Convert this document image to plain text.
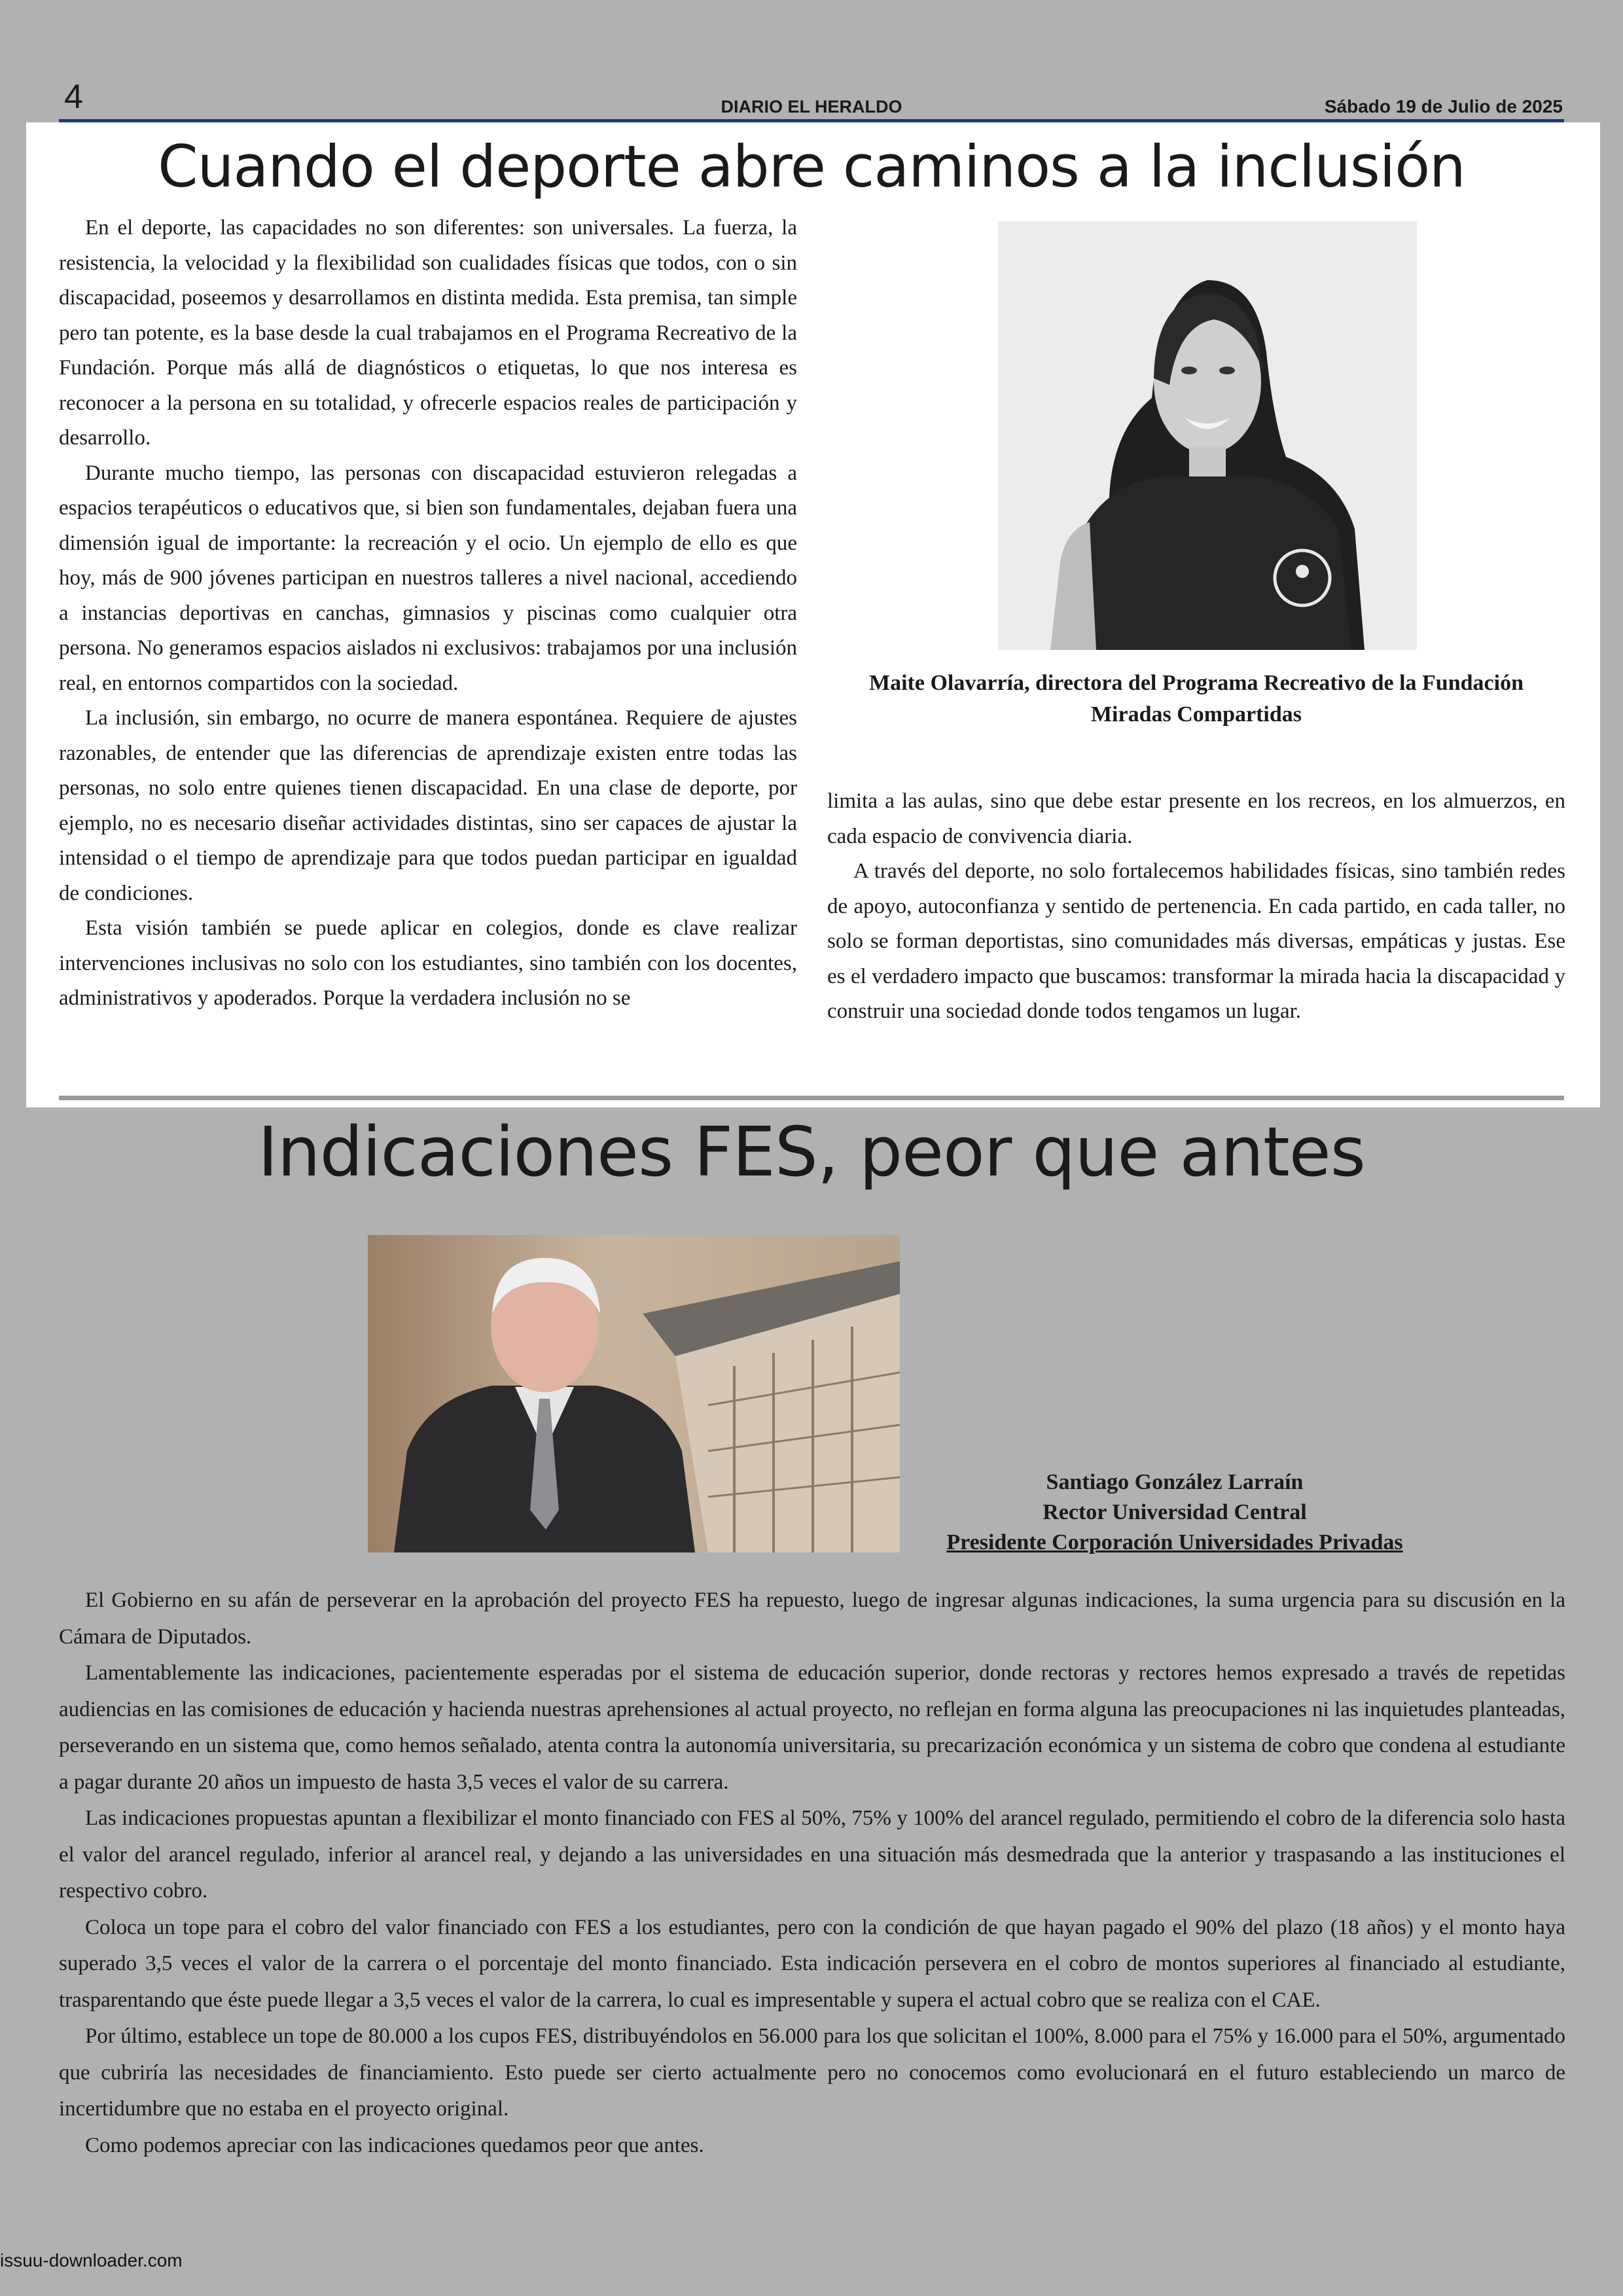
4	DIARIO EL HERALDO	Sábado 19 de Julio de 2025
Cuando el deporte abre caminos a la inclusión

En el deporte, las capacidades no son diferentes: son universales. La fuerza, la resistencia, la velocidad y la flexibilidad son cualidades físicas que todos, con o sin discapacidad, poseemos y desarrollamos en distinta medida. Esta premisa, tan simple pero tan potente, es la base desde la cual trabajamos en el Programa Recreativo de la Fundación. Porque más allá de diagnósticos o etiquetas, lo que nos interesa es reconocer a la persona en su totalidad, y ofrecerle espacios reales de participación y desarrollo.

Durante mucho tiempo, las personas con discapacidad estuvieron relegadas a espacios terapéuticos o educativos que, si bien son fundamentales, dejaban fuera una dimensión igual de importante: la recreación y el ocio. Un ejemplo de ello es que hoy, más de 900 jóvenes participan en nuestros talleres a nivel nacional, accediendo a instancias deportivas en canchas, gimnasios y piscinas como cualquier otra persona. No generamos espacios aislados ni exclusivos: trabajamos por una inclusión real, en entornos compartidos con la sociedad.

La inclusión, sin embargo, no ocurre de manera espontánea. Requiere de ajustes razonables, de entender que las diferencias de aprendizaje existen entre todas las personas, no solo entre quienes tienen discapacidad. En una clase de deporte, por ejemplo, no es necesario diseñar actividades distintas, sino ser capaces de ajustar la intensidad o el tiempo de aprendizaje para que todos puedan participar en igualdad de condiciones.

Esta visión también se puede aplicar en colegios, donde es clave realizar intervenciones inclusivas no solo con los estudiantes, sino también con los docentes, administrativos y apoderados. Porque la verdadera inclusión no se

Maite Olavarría, directora del Programa Recreativo de la Fundación Miradas Compartidas

limita a las aulas, sino que debe estar presente en los recreos, en los almuerzos, en cada espacio de convivencia diaria.

A través del deporte, no solo fortalecemos habilidades físicas, sino también redes de apoyo, autoconfianza y sentido de pertenencia. En cada partido, en cada taller, no solo se forman deportistas, sino comunidades más diversas, empáticas y justas. Ese es el verdadero impacto que buscamos: transformar la mirada hacia la discapacidad y construir una sociedad donde todos tengamos un lugar.

Indicaciones FES, peor que antes
Santiago González Larraín
Rector Universidad Central
Presidente Corporación Universidades Privadas

El Gobierno en su afán de perseverar en la aprobación del proyecto FES ha repuesto, luego de ingresar algunas indicaciones, la suma urgencia para su discusión en la Cámara de Diputados.

Lamentablemente las indicaciones, pacientemente esperadas por el sistema de educación superior, donde rectoras y rectores hemos expresado a través de repetidas audiencias en las comisiones de educación y hacienda nuestras aprehensiones al actual proyecto, no reflejan en forma alguna las preocupaciones ni las inquietudes planteadas, perseverando en un sistema que, como hemos señalado, atenta contra la autonomía universitaria, su precarización económica y un sistema de cobro que condena al estudiante a pagar durante 20 años un impuesto de hasta 3,5 veces el valor de su carrera.

Las indicaciones propuestas apuntan a flexibilizar el monto financiado con FES al 50%, 75% y 100% del arancel regulado, permitiendo el cobro de la diferencia solo hasta el valor del arancel regulado, inferior al arancel real, y dejando a las universidades en una situación más desmedrada que la anterior y traspasando a las instituciones el respectivo cobro.

Coloca un tope para el cobro del valor financiado con FES a los estudiantes, pero con la condición de que hayan pagado el 90% del plazo (18 años) y el monto haya superado 3,5 veces el valor de la carrera o el porcentaje del monto financiado. Esta indicación persevera en el cobro de montos superiores al financiado al estudiante, trasparentando que éste puede llegar a 3,5 veces el valor de la carrera, lo cual es impresentable y supera el actual cobro que se realiza con el CAE.

Por último, establece un tope de 80.000 a los cupos FES, distribuyéndolos en 56.000 para los que solicitan el 100%, 8.000 para el 75% y 16.000 para el 50%, argumentado que cubriría las necesidades de financiamiento. Esto puede ser cierto actualmente pero no conocemos como evolucionará en el futuro estableciendo un marco de incertidumbre que no estaba en el proyecto original.

Como podemos apreciar con las indicaciones quedamos peor que antes.

issuu-downloader.com
